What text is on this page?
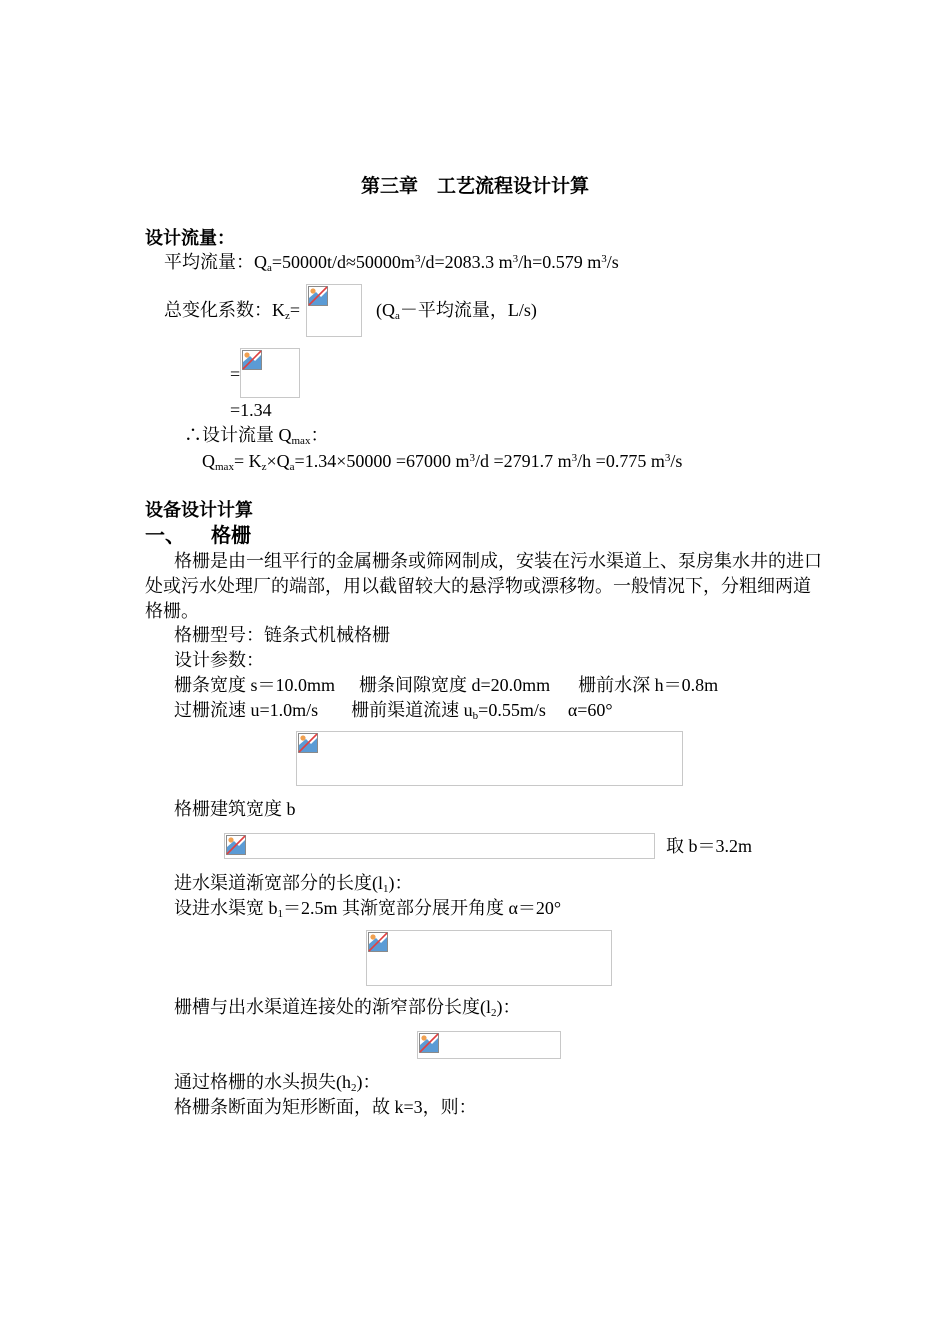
第三章　工艺流程设计计算
设计流量：
平均流量：$Q_a=50000t/d\approx 50000m^3/d=2083.3$ $m^3/h=0.579$ $m^3/s$
总变化系数：$K_z=$	($Q_a-$平均流量，L/s)
=
=1.34
∴设计流量 $Q_{max}$：
$Q_{max}= K_z\times Q_a=1.34\times 50000 =67000$ $m^3/d =2791.7$ $m^3/h =0.775$ $m^3/s$
设备设计计算
一、 格栅
格栅是由一组平行的金属栅条或筛网制成，安装在污水渠道上、泵房集水井的进口处或污水处理厂的端部，用以截留较大的悬浮物或漂移物。一般情况下，分粗细两道格栅。
格栅型号：链条式机械格栅
设计参数：
栅条宽度 s＝10.0mm 栅条间隙宽度 d=20.0mm 栅前水深 h＝0.8m
过栅流速 u=1.0m/s 栅前渠道流速 $u_b=0.55m/s$ α=60°
格栅建筑宽度 b
取 b＝3.2m
进水渠道渐宽部分的长度$(l_1)$：
设进水渠宽 $b_1=2.5m$ 其渐宽部分展开角度 α＝20°
栅槽与出水渠道连接处的渐窄部份长度$(l_2)$：
通过格栅的水头损失$(h_2)$：
格栅条断面为矩形断面，故 k=3，则：
